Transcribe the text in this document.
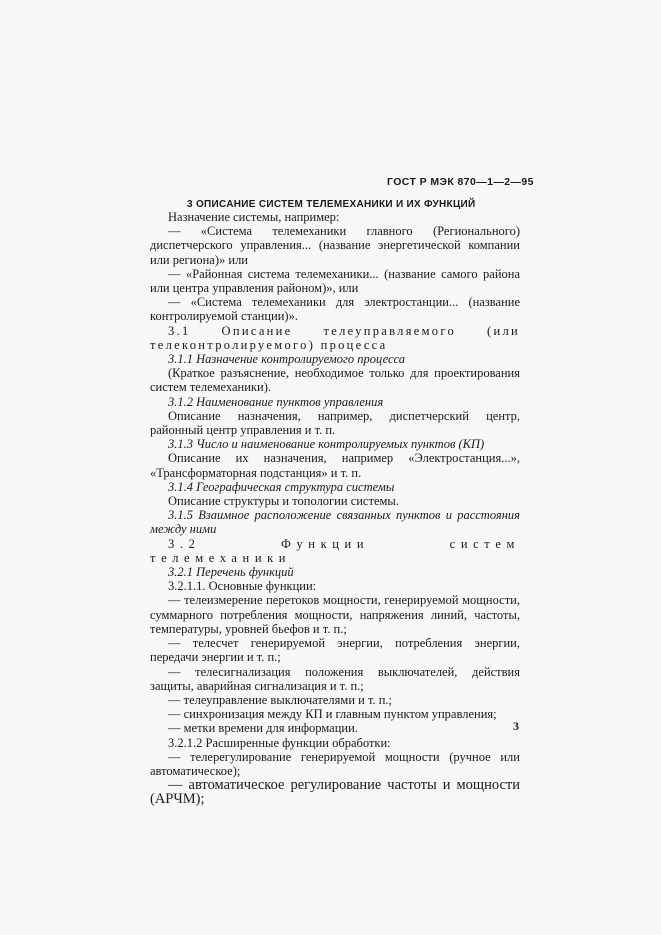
ГОСТ Р МЭК 870—1—2—95
3 ОПИСАНИЕ СИСТЕМ ТЕЛЕМЕХАНИКИ И ИХ ФУНКЦИЙ

Назначение системы, например:

— «Система телемеханики главного (Регионального) диспетчерского управления... (название энергетической компании или региона)» или

— «Районная система телемеханики... (название самого района или центра управления районом)», или

— «Система телемеханики для электростанции... (название контролируемой станции)».

3.1 Описание телеуправляемого (или телеконтролируемого) процесса

3.1.1 Назначение контролируемого процесса

(Краткое разъяснение, необходимое только для проектирования систем телемеханики).

3.1.2 Наименование пунктов управления

Описание назначения, например, диспетчерский центр, районный центр управления и т. п.

3.1.3 Число и наименование контролируемых пунктов (КП)

Описание их назначения, например «Электростанция...», «Трансформаторная подстанция» и т. п.

3.1.4 Географическая структура системы

Описание структуры и топологии системы.

3.1.5 Взаимное расположение связанных пунктов и расстояния между ними

3.2 Функции систем телемеханики

3.2.1 Перечень функций

3.2.1.1. Основные функции:

— телеизмерение перетоков мощности, генерируемой мощности, суммарного потребления мощности, напряжения линий, частоты, температуры, уровней бьефов и т. п.;

— телесчет генерируемой энергии, потребления энергии, передачи энергии и т. п.;

— телесигнализация положения выключателей, действия защиты, аварийная сигнализация и т. п.;

— телеуправление выключателями и т. п.;

— синхронизация между КП и главным пунктом управления;

— метки времени для информации.

3.2.1.2 Расширенные функции обработки:

— телерегулирование генерируемой мощности (ручное или автоматическое);

— автоматическое регулирование частоты и мощности (АРЧМ);

3
